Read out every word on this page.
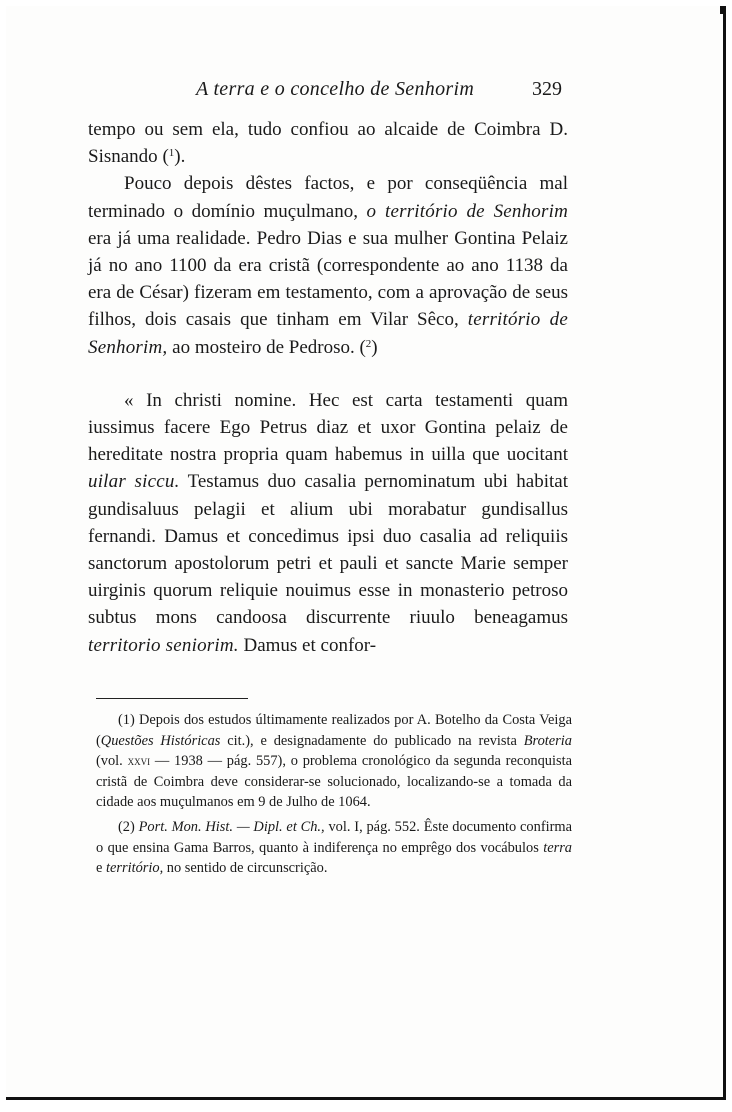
A terra e o concelho de Senhorim	329

tempo ou sem ela, tudo confiou ao alcaide de Coimbra D. Sisnando ($^1$).

Pouco depois dêstes factos, e por conseqüência mal terminado o domínio muçulmano, o território de Senhorim era já uma realidade. Pedro Dias e sua mulher Gontina Pelaiz já no ano 1100 da era cristã (correspondente ao ano 1138 da era de César) fizeram em testamento, com a aprovação de seus filhos, dois casais que tinham em Vilar Sêco, território de Senhorim, ao mosteiro de Pedroso. ($^2$)

« In christi nomine. Hec est carta testamenti quam iussimus facere Ego Petrus diaz et uxor Gontina pelaiz de hereditate nostra propria quam habemus in uilla que uocitant uilar siccu. Testamus duo casalia pernominatum ubi habitat gundisaluus pelagii et alium ubi morabatur gundisallus fernandi. Damus et concedimus ipsi duo casalia ad reliquiis sanctorum apostolorum petri et pauli et sancte Marie semper uirginis quorum reliquie nouimus esse in monasterio petroso subtus mons candoosa discurrente riuulo beneagamus territorio seniorim. Damus et confor-

(1) Depois dos estudos últimamente realizados por A. Botelho da Costa Veiga (Questões Históricas cit.), e designadamente do publicado na revista Broteria (vol. xxvi — 1938 — pág. 557), o problema cronológico da segunda reconquista cristã de Coimbra deve considerar-se solucionado, localizando-se a tomada da cidade aos muçulmanos em 9 de Julho de 1064.

(2) Port. Mon. Hist. — Dipl. et Ch., vol. I, pág. 552. Êste documento confirma o que ensina Gama Barros, quanto à indiferença no emprêgo dos vocábulos terra e território, no sentido de circunscrição.
